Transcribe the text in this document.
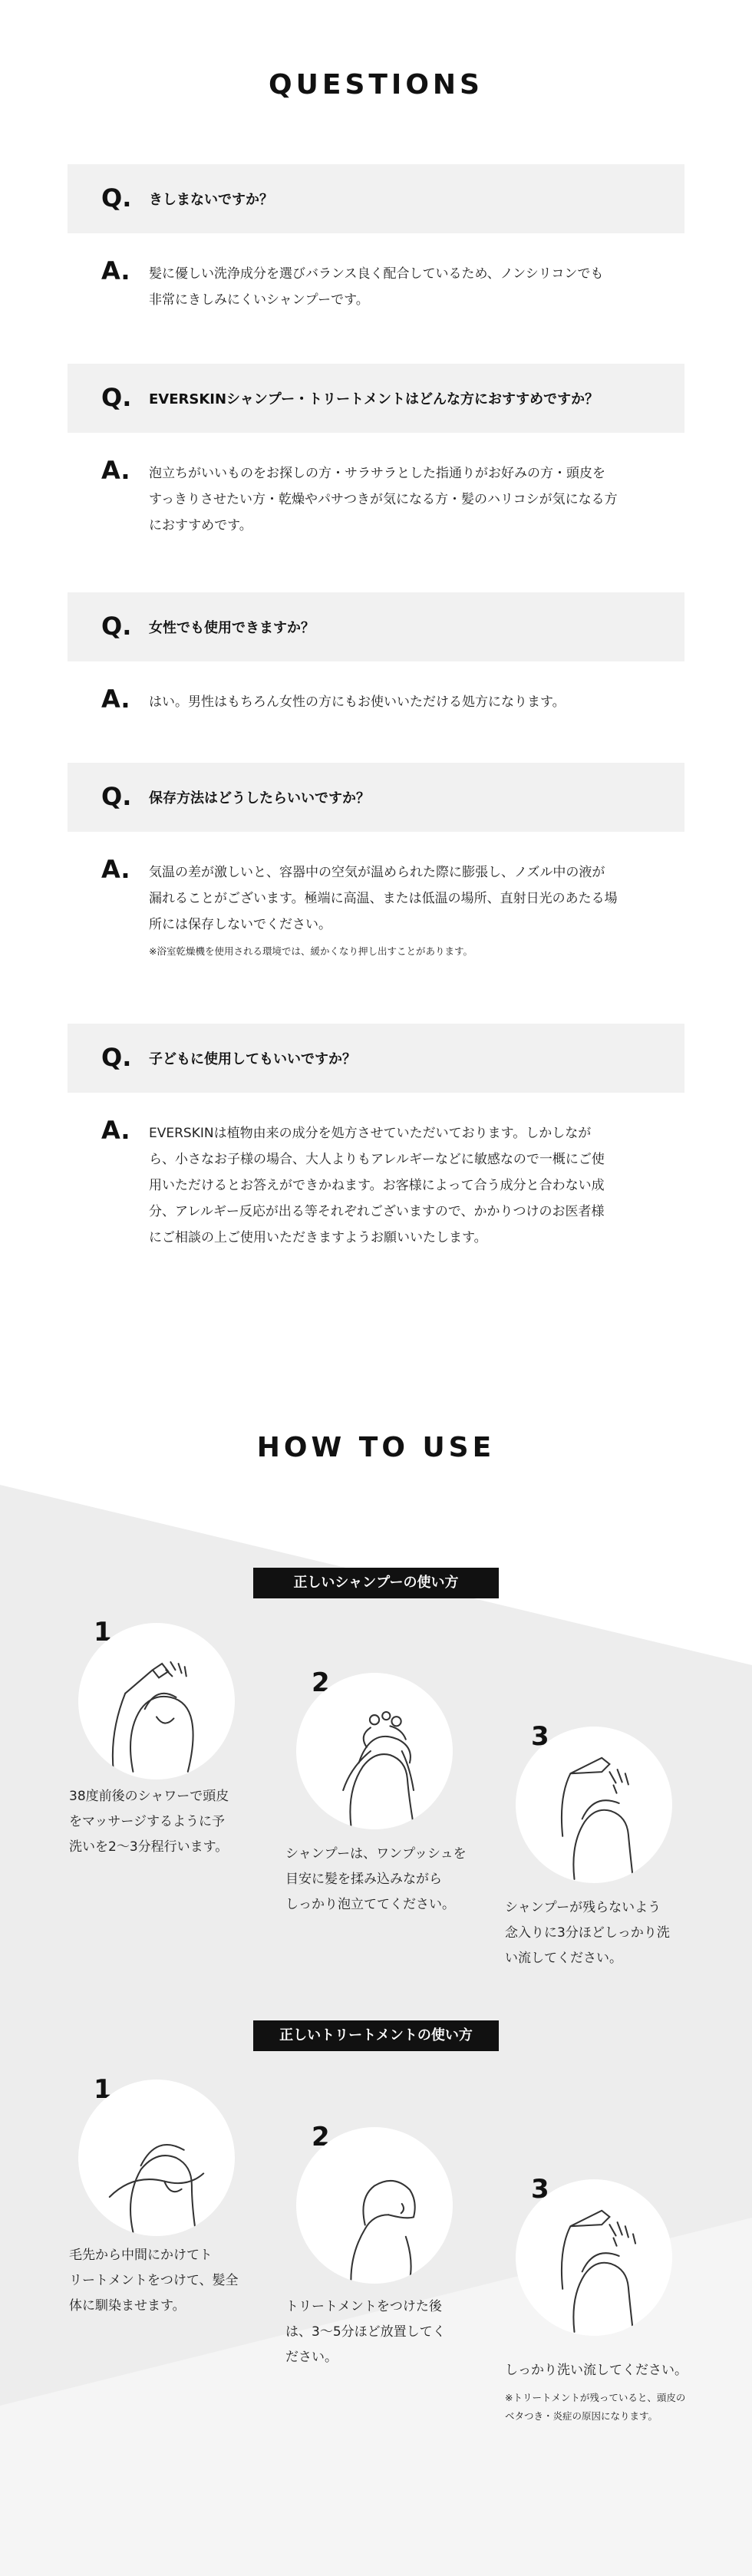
QUESTIONS
Q. きしまないですか？
A. 髪に優しい洗浄成分を選びバランス良く配合しているため、ノンシリコンでも
非常にきしみにくいシャンプーです。

Q. EVERSKINシャンプー・トリートメントはどんな方におすすめですか？
A. 泡立ちがいいものをお探しの方・サラサラとした指通りがお好みの方・頭皮を
すっきりさせたい方・乾燥やパサつきが気になる方・髪のハリコシが気になる方
におすすめです。

Q. 女性でも使用できますか？
A. はい。男性はもちろん女性の方にもお使いいただける処方になります。

Q. 保存方法はどうしたらいいですか？
A. 気温の差が激しいと、容器中の空気が温められた際に膨張し、ノズル中の液が
漏れることがございます。極端に高温、または低温の場所、直射日光のあたる場
所には保存しないでください。

※浴室乾燥機を使用される環境では、緩かくなり押し出すことがあります。

Q. 子どもに使用してもいいですか？
A. EVERSKINは植物由来の成分を処方させていただいております。しかしなが
ら、小さなお子様の場合、大人よりもアレルギーなどに敏感なので一概にご使
用いただけるとお答えができかねます。お客様によって合う成分と合わない成
分、アレルギー反応が出る等それぞれございますので、かかりつけのお医者様
にご相談の上ご使用いただきますようお願いいたします。

HOW TO USE
正しいシャンプーの使い方
1

38度前後のシャワーで頭皮
をマッサージするように予
洗いを2〜3分程行います。

2

シャンプーは、ワンプッシュを
目安に髪を揉み込みながら
しっかり泡立ててください。

3

シャンプーが残らないよう
念入りに3分ほどしっかり洗
い流してください。

正しいトリートメントの使い方
1

毛先から中間にかけてト
リートメントをつけて、髪全
体に馴染ませます。

2

トリートメントをつけた後
は、3〜5分ほど放置してく
ださい。

3

しっかり洗い流してください。

※トリートメントが残っていると、頭皮の
ベタつき・炎症の原因になります。
